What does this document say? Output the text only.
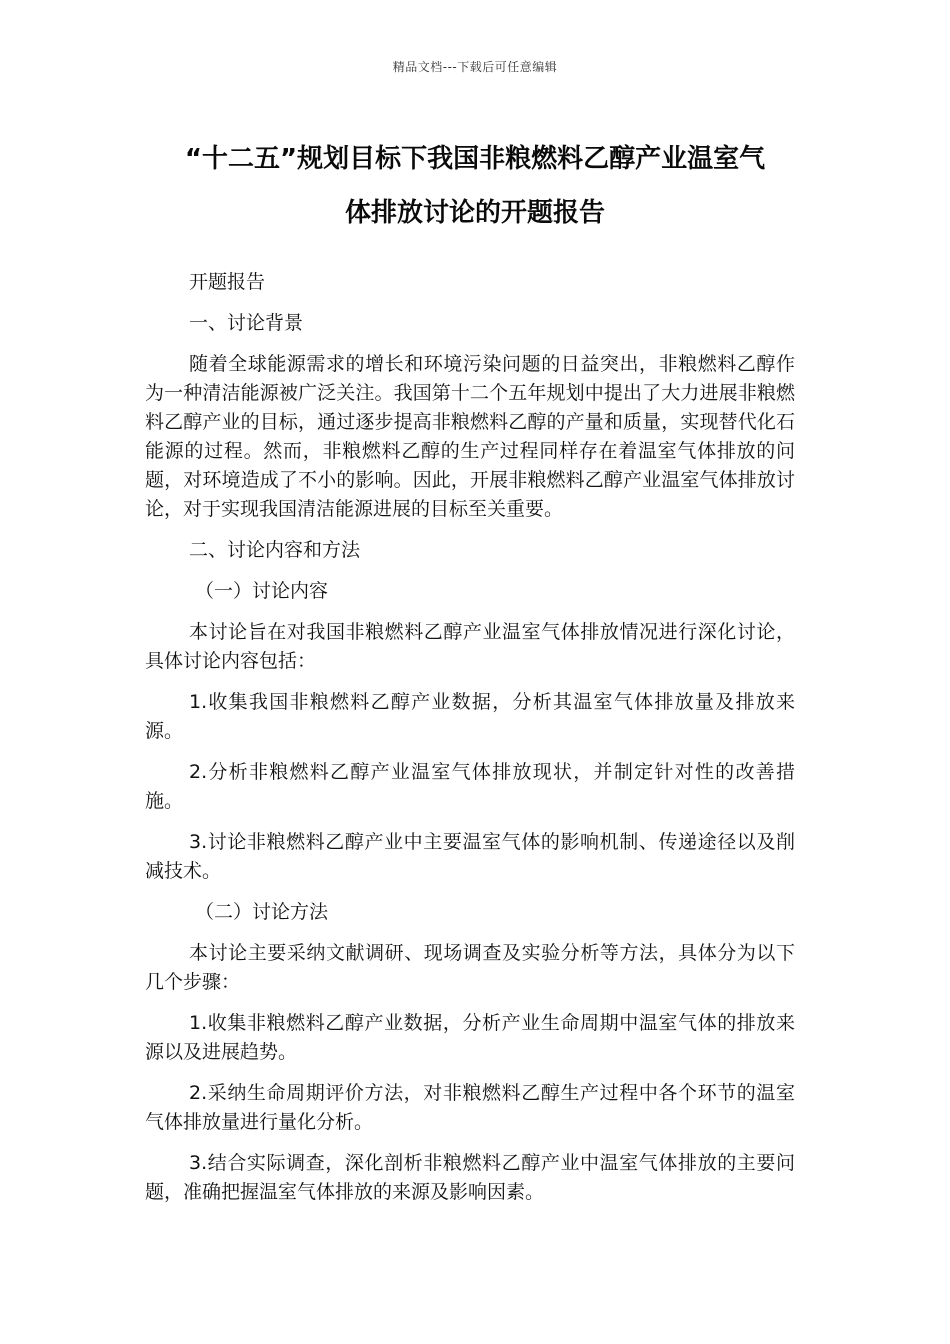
精品文档---下载后可任意编辑
“十二五”规划目标下我国非粮燃料乙醇产业温室气
体排放讨论的开题报告

开题报告

一、讨论背景

随着全球能源需求的增长和环境污染问题的日益突出，非粮燃料乙醇作为一种清洁能源被广泛关注。我国第十二个五年规划中提出了大力进展非粮燃料乙醇产业的目标，通过逐步提高非粮燃料乙醇的产量和质量，实现替代化石能源的过程。然而，非粮燃料乙醇的生产过程同样存在着温室气体排放的问题，对环境造成了不小的影响。因此，开展非粮燃料乙醇产业温室气体排放讨论，对于实现我国清洁能源进展的目标至关重要。

二、讨论内容和方法

（一）讨论内容

本讨论旨在对我国非粮燃料乙醇产业温室气体排放情况进行深化讨论，具体讨论内容包括：

1.收集我国非粮燃料乙醇产业数据，分析其温室气体排放量及排放来源。

2.分析非粮燃料乙醇产业温室气体排放现状，并制定针对性的改善措施。

3.讨论非粮燃料乙醇产业中主要温室气体的影响机制、传递途径以及削减技术。

（二）讨论方法

本讨论主要采纳文献调研、现场调查及实验分析等方法，具体分为以下几个步骤：

1.收集非粮燃料乙醇产业数据，分析产业生命周期中温室气体的排放来源以及进展趋势。

2.采纳生命周期评价方法，对非粮燃料乙醇生产过程中各个环节的温室气体排放量进行量化分析。

3.结合实际调查，深化剖析非粮燃料乙醇产业中温室气体排放的主要问题，准确把握温室气体排放的来源及影响因素。
